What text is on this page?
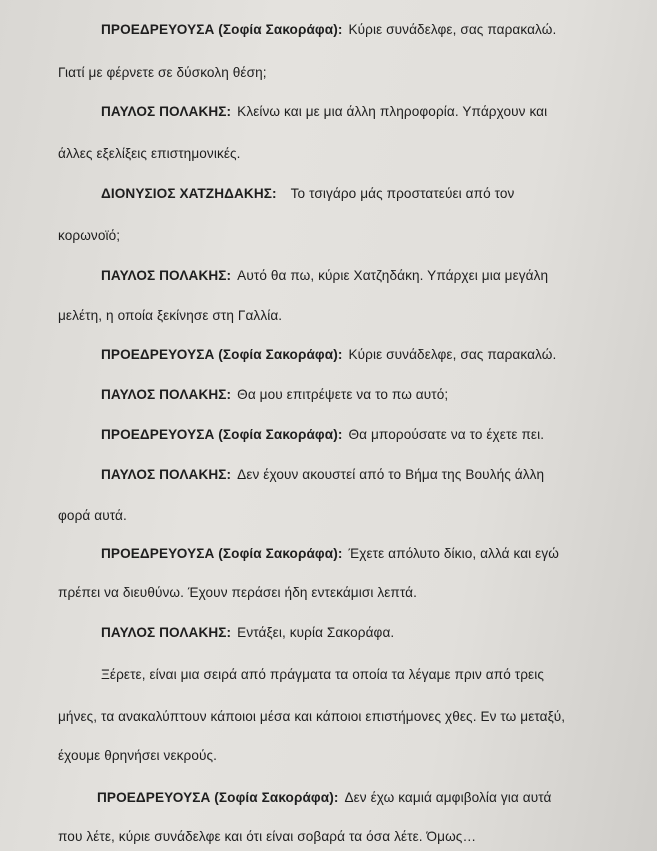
ΠΡΟΕΔΡΕΥΟΥΣΑ (Σοφία Σακοράφα): Κύριε συνάδελφε, σας παρακαλώ.
Γιατί με φέρνετε σε δύσκολη θέση;
ΠΑΥΛΟΣ ΠΟΛΑΚΗΣ: Κλείνω και με μια άλλη πληροφορία. Υπάρχουν και
άλλες εξελίξεις επιστημονικές.
ΔΙΟΝΥΣΙΟΣ ΧΑΤΖΗΔΑΚΗΣ: Το τσιγάρο μάς προστατεύει από τον
κορωνοϊό;
ΠΑΥΛΟΣ ΠΟΛΑΚΗΣ: Αυτό θα πω, κύριε Χατζηδάκη. Υπάρχει μια μεγάλη
μελέτη, η οποία ξεκίνησε στη Γαλλία.
ΠΡΟΕΔΡΕΥΟΥΣΑ (Σοφία Σακοράφα): Κύριε συνάδελφε, σας παρακαλώ.
ΠΑΥΛΟΣ ΠΟΛΑΚΗΣ: Θα μου επιτρέψετε να το πω αυτό;
ΠΡΟΕΔΡΕΥΟΥΣΑ (Σοφία Σακοράφα): Θα μπορούσατε να το έχετε πει.
ΠΑΥΛΟΣ ΠΟΛΑΚΗΣ: Δεν έχουν ακουστεί από το Βήμα της Βουλής άλλη
φορά αυτά.
ΠΡΟΕΔΡΕΥΟΥΣΑ (Σοφία Σακοράφα): Έχετε απόλυτο δίκιο, αλλά και εγώ
πρέπει να διευθύνω. Έχουν περάσει ήδη εντεκάμισι λεπτά.
ΠΑΥΛΟΣ ΠΟΛΑΚΗΣ: Εντάξει, κυρία Σακοράφα.
Ξέρετε, είναι μια σειρά από πράγματα τα οποία τα λέγαμε πριν από τρεις
μήνες, τα ανακαλύπτουν κάποιοι μέσα και κάποιοι επιστήμονες χθες. Εν τω μεταξύ,
έχουμε θρηνήσει νεκρούς.
ΠΡΟΕΔΡΕΥΟΥΣΑ (Σοφία Σακοράφα): Δεν έχω καμιά αμφιβολία για αυτά
που λέτε, κύριε συνάδελφε και ότι είναι σοβαρά τα όσα λέτε. Όμως…
